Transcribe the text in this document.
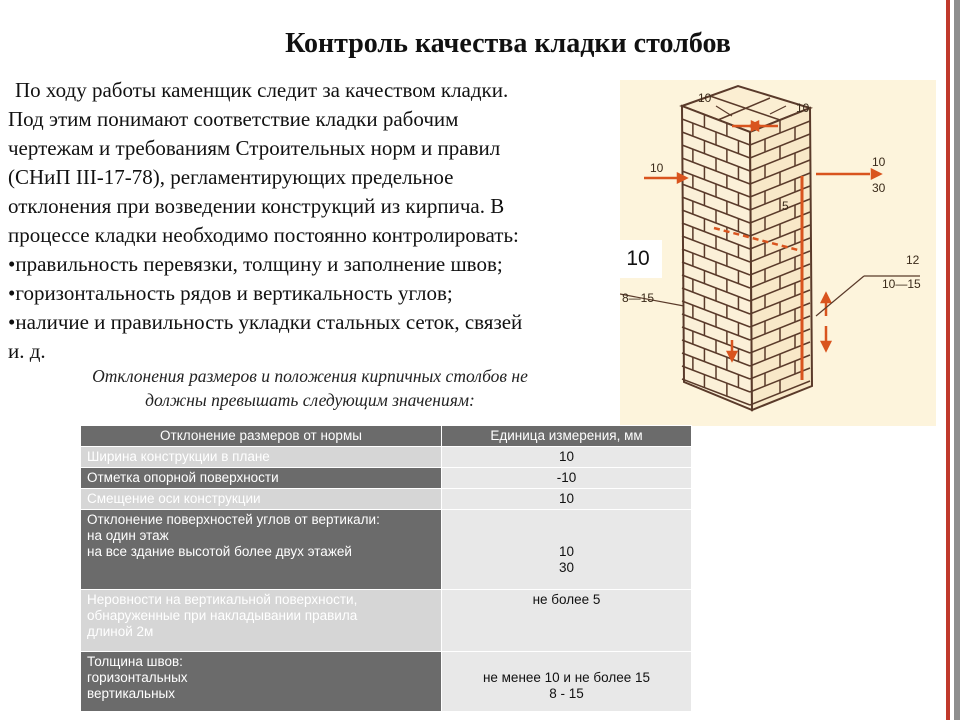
Контроль качества кладки столбов

По ходу работы каменщик следит за качеством кладки.

Под этим понимают соответствие кладки рабочим

чертежам и требованиям Строительных норм и правил

(СНиП III-17-78), регламентирующих предельное

отклонения при возведении конструкций из кирпича. В

процессе кладки необходимо постоянно контролировать:

•правильность перевязки, толщину и заполнение швов;

•горизонтальность рядов и вертикальность углов;

•наличие и правильность укладки стальных сеток, связей

и. д.

Отклонения размеров и положения кирпичных столбов не
должны превышать следующим значениям:
10
10
10	10
30
5
12
10—15
8—15
10
Отклонение размеров от нормы	Единица измерения, мм

Ширина конструкции в плане	10

Отметка опорной поверхности	-10

Смещение оси конструкции	10

Отклонение поверхностей углов от вертикали:
на один этаж
на все здание высотой более двух этажей	10
30

Неровности на вертикальной поверхности,
обнаруженные при накладывании правила
длиной 2м	не более 5

Толщина швов:
горизонтальных
вертикальных	не менее 10 и не более 15
8 - 15
